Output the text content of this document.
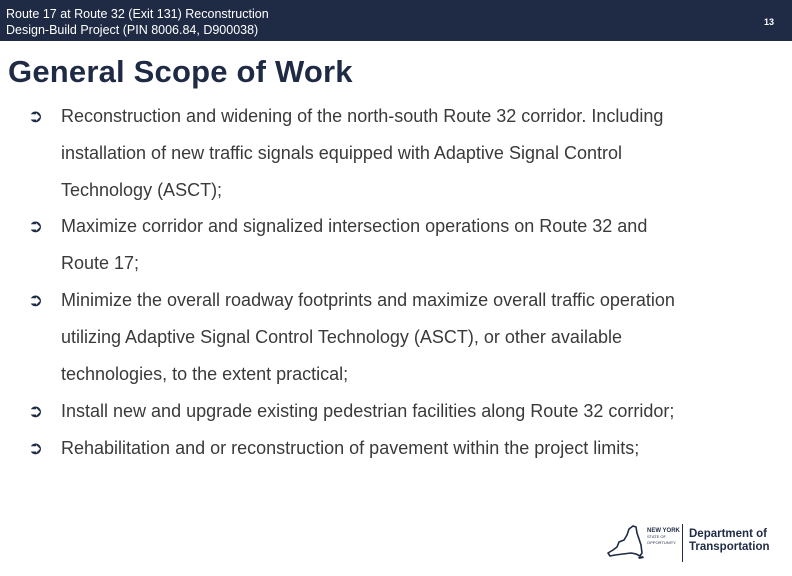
Route 17 at Route 32 (Exit 131) Reconstruction
Design-Build Project (PIN 8006.84, D900038)
13
General Scope of Work
➲ Reconstruction and widening of the north-south Route 32 corridor. Including
installation of new traffic signals equipped with Adaptive Signal Control
Technology (ASCT);
➲ Maximize corridor and signalized intersection operations on Route 32 and
Route 17;
➲ Minimize the overall roadway footprints and maximize overall traffic operation
utilizing Adaptive Signal Control Technology (ASCT), or other available
technologies, to the extent practical;
➲ Install new and upgrade existing pedestrian facilities along Route 32 corridor;
➲ Rehabilitation and or reconstruction of pavement within the project limits;
NEW YORK
STATE OF
OPPORTUNITY.
Department of
Transportation
